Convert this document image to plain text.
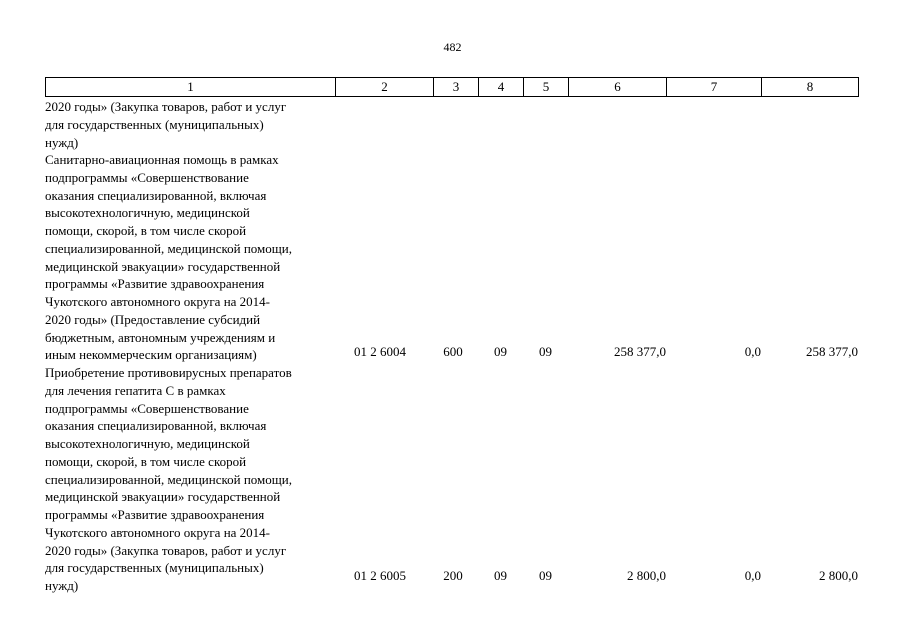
482
1	2	3	4	5	6	7	8
2020 годы» (Закупка товаров, работ и услуг
для государственных (муниципальных)
нужд)
Санитарно-авиационная помощь в рамках
подпрограммы «Совершенствование
оказания специализированной, включая
высокотехнологичную, медицинской
помощи, скорой, в том числе скорой
специализированной, медицинской помощи,
медицинской эвакуации» государственной
программы «Развитие здравоохранения
Чукотского автономного округа на 2014-
2020 годы» (Предоставление субсидий
бюджетным, автономным учреждениям и
иным некоммерческим организациям)	01 2 6004	600	09	09	258 377,0	0,0	258 377,0
Приобретение противовирусных препаратов
для лечения гепатита С в рамках
подпрограммы «Совершенствование
оказания специализированной, включая
высокотехнологичную, медицинской
помощи, скорой, в том числе скорой
специализированной, медицинской помощи,
медицинской эвакуации» государственной
программы «Развитие здравоохранения
Чукотского автономного округа на 2014-
2020 годы» (Закупка товаров, работ и услуг
для государственных (муниципальных)
нужд)
01 2 6005	200	09	09	2 800,0	0,0	2 800,0
